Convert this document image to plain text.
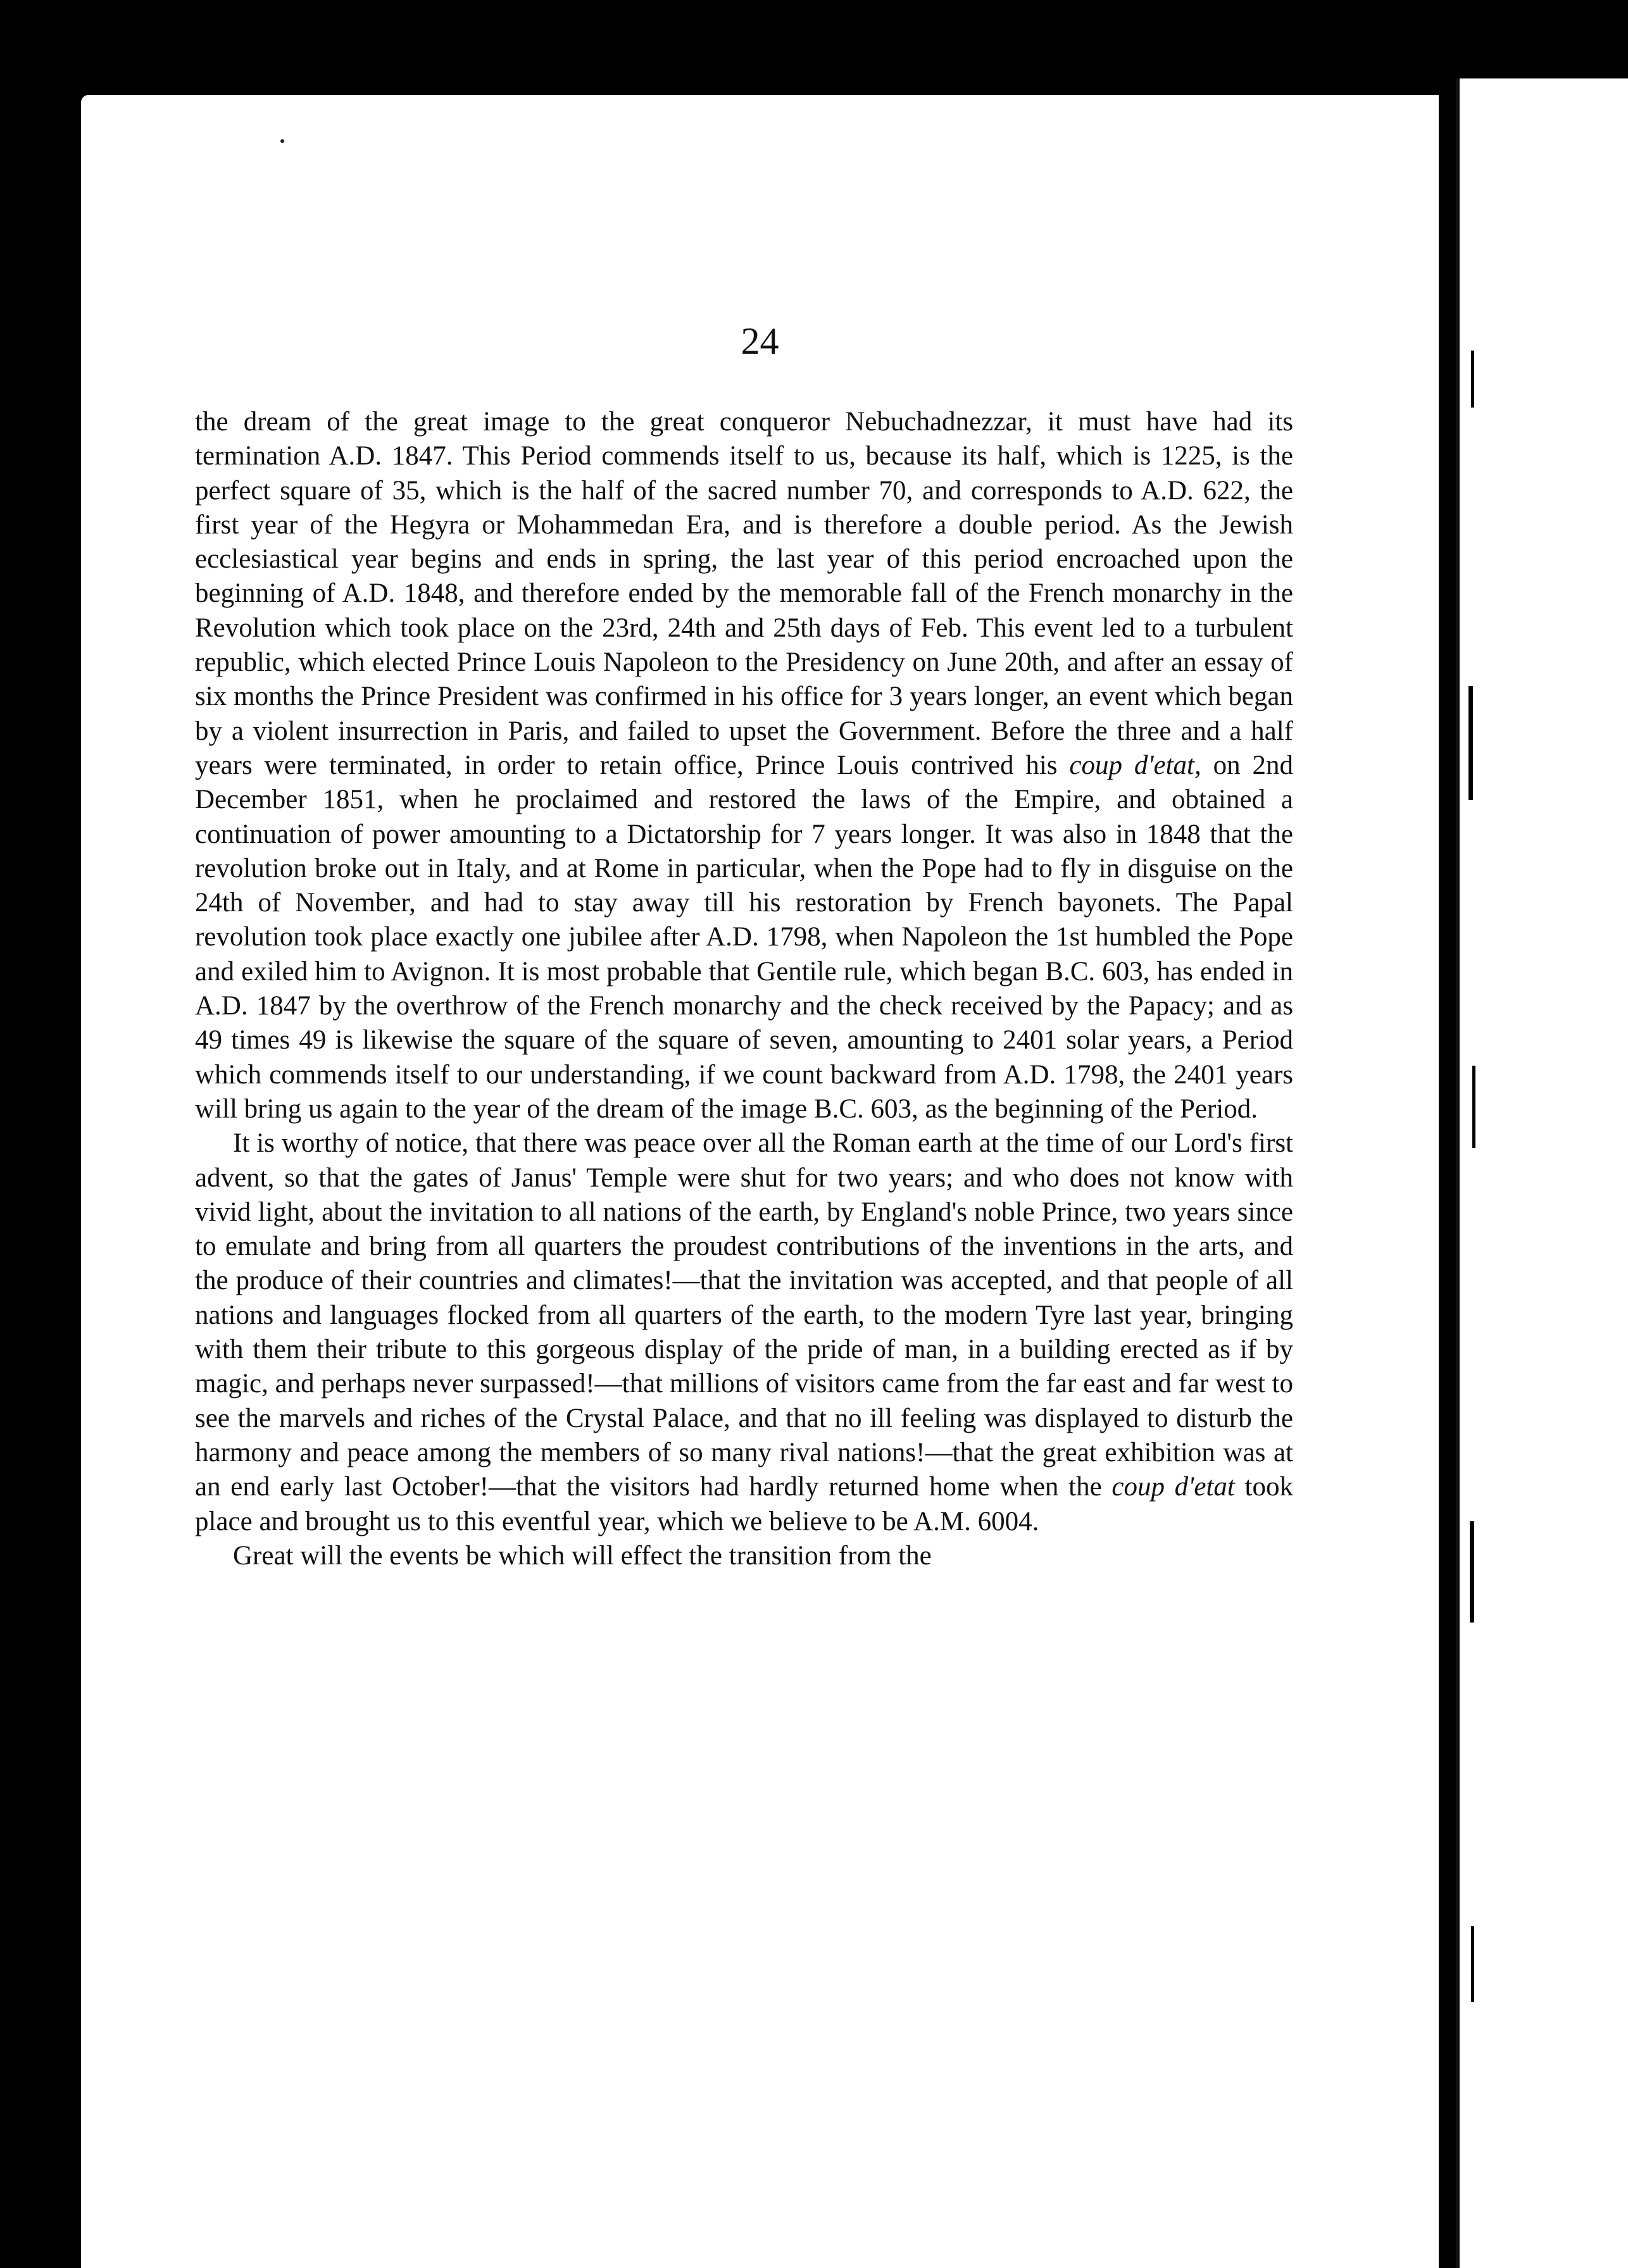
24

the dream of the great image to the great conqueror Nebuchadnezzar, it must have had its termination A.D. 1847. This Period commends itself to us, because its half, which is 1225, is the perfect square of 35, which is the half of the sacred number 70, and corresponds to A.D. 622, the first year of the Hegyra or Mohammedan Era, and is therefore a double period. As the Jewish ecclesiastical year begins and ends in spring, the last year of this period encroached upon the beginning of A.D. 1848, and therefore ended by the memorable fall of the French monarchy in the Revolution which took place on the 23rd, 24th and 25th days of Feb. This event led to a turbulent republic, which elected Prince Louis Napoleon to the Presidency on June 20th, and after an essay of six months the Prince President was confirmed in his office for 3 years longer, an event which began by a violent insurrection in Paris, and failed to upset the Government. Before the three and a half years were terminated, in order to retain office, Prince Louis contrived his coup d'etat, on 2nd December 1851, when he proclaimed and restored the laws of the Empire, and obtained a continuation of power amounting to a Dictatorship for 7 years longer. It was also in 1848 that the revolution broke out in Italy, and at Rome in particular, when the Pope had to fly in disguise on the 24th of November, and had to stay away till his restoration by French bayonets. The Papal revolution took place exactly one jubilee after A.D. 1798, when Napoleon the 1st humbled the Pope and exiled him to Avignon. It is most probable that Gentile rule, which began B.C. 603, has ended in A.D. 1847 by the overthrow of the French monarchy and the check received by the Papacy; and as 49 times 49 is likewise the square of the square of seven, amounting to 2401 solar years, a Period which commends itself to our understanding, if we count backward from A.D. 1798, the 2401 years will bring us again to the year of the dream of the image B.C. 603, as the beginning of the Period.

It is worthy of notice, that there was peace over all the Roman earth at the time of our Lord's first advent, so that the gates of Janus' Temple were shut for two years; and who does not know with vivid light, about the invitation to all nations of the earth, by England's noble Prince, two years since to emulate and bring from all quarters the proudest contributions of the inventions in the arts, and the produce of their countries and climates!—that the invitation was accepted, and that people of all nations and languages flocked from all quarters of the earth, to the modern Tyre last year, bringing with them their tribute to this gorgeous display of the pride of man, in a building erected as if by magic, and perhaps never surpassed!—that millions of visitors came from the far east and far west to see the marvels and riches of the Crystal Palace, and that no ill feeling was displayed to disturb the harmony and peace among the members of so many rival nations!—that the great exhibition was at an end early last October!—that the visitors had hardly returned home when the coup d'etat took place and brought us to this eventful year, which we believe to be A.M. 6004.

Great will the events be which will effect the transition from the
